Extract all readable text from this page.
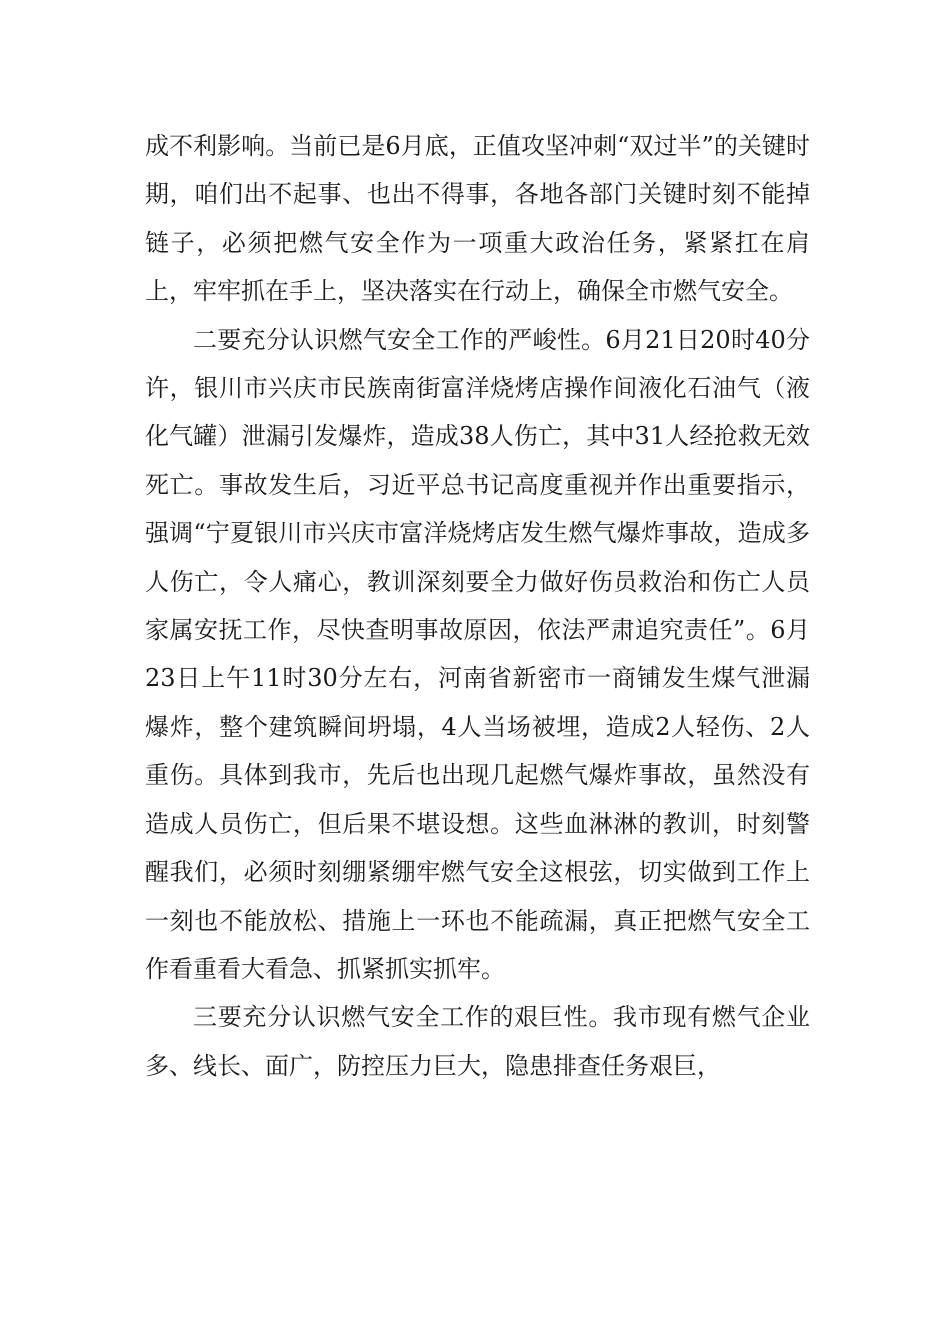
成不利影响。当前已是6月底，正值攻坚冲刺“双过半”的关键时期，咱们出不起事、也出不得事，各地各部门关键时刻不能掉链子，必须把燃气安全作为一项重大政治任务，紧紧扛在肩上，牢牢抓在手上，坚决落实在行动上，确保全市燃气安全。

二要充分认识燃气安全工作的严峻性。6月21日20时40分许，银川市兴庆市民族南街富洋烧烤店操作间液化石油气（液化气罐）泄漏引发爆炸，造成38人伤亡，其中31人经抢救无效死亡。事故发生后，习近平总书记高度重视并作出重要指示，强调“宁夏银川市兴庆市富洋烧烤店发生燃气爆炸事故，造成多人伤亡，令人痛心，教训深刻要全力做好伤员救治和伤亡人员家属安抚工作，尽快查明事故原因，依法严肃追究责任”。6月23日上午11时30分左右，河南省新密市一商铺发生煤气泄漏爆炸，整个建筑瞬间坍塌，4人当场被埋，造成2人轻伤、2人重伤。具体到我市，先后也出现几起燃气爆炸事故，虽然没有造成人员伤亡，但后果不堪设想。这些血淋淋的教训，时刻警醒我们，必须时刻绷紧绷牢燃气安全这根弦，切实做到工作上一刻也不能放松、措施上一环也不能疏漏，真正把燃气安全工作看重看大看急、抓紧抓实抓牢。

三要充分认识燃气安全工作的艰巨性。我市现有燃气企业多、线长、面广，防控压力巨大，隐患排查任务艰巨，
